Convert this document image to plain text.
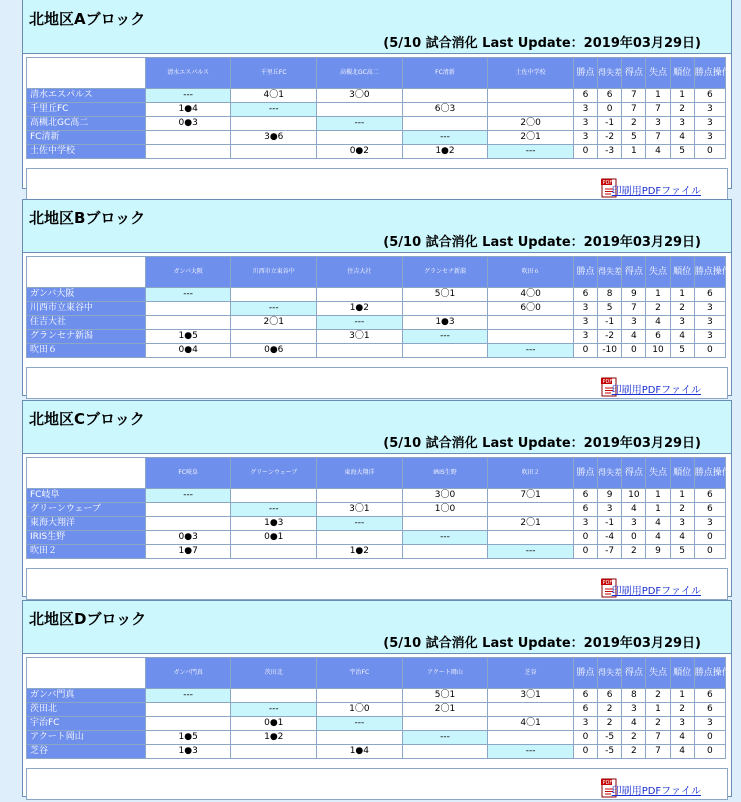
北地区Aブロック
(5/10 試合消化 Last Update：2019年03月29日)
	清水エスパルス	千里丘FC	高槻北GC高二	FC清新	土佐中学校	勝点	得失差	得点	失点	順位	勝点操作
清水エスパルス	---	4〇1	3〇0			6	6	7	1	1	6
千里丘FC	1●4	---		6〇3		3	0	7	7	2	3
高槻北GC高二	0●3		---		2〇0	3	-1	2	3	3	3
FC清新		3●6		---	2〇1	3	-2	5	7	4	3
土佐中学校			0●2	1●2	---	0	-3	1	4	5	0
PDF
印刷用PDFファイル
北地区Bブロック
(5/10 試合消化 Last Update：2019年03月29日)
	ガンバ大阪	川西市立東谷中	住吉大社	グランセナ新潟	吹田６	勝点	得失差	得点	失点	順位	勝点操作
ガンバ大阪	---			5〇1	4〇0	6	8	9	1	1	6
川西市立東谷中		---	1●2		6〇0	3	5	7	2	2	3
住吉大社		2〇1	---	1●3		3	-1	3	4	3	3
グランセナ新潟	1●5		3〇1	---		3	-2	4	6	4	3
吹田６	0●4	0●6			---	0	-10	0	10	5	0
PDF
印刷用PDFファイル
北地区Cブロック
(5/10 試合消化 Last Update：2019年03月29日)
	FC岐阜	グリーンウェーブ	東海大翔洋	IRIS生野	吹田２	勝点	得失差	得点	失点	順位	勝点操作
FC岐阜	---			3〇0	7〇1	6	9	10	1	1	6
グリーンウェーブ		---	3〇1	1〇0		6	3	4	1	2	6
東海大翔洋		1●3	---		2〇1	3	-1	3	4	3	3
IRIS生野	0●3	0●1		---		0	-4	0	4	4	0
吹田２	1●7		1●2		---	0	-7	2	9	5	0
PDF
印刷用PDFファイル
北地区Dブロック
(5/10 試合消化 Last Update：2019年03月29日)
	ガンバ門真	茨田北	宇治FC	アクート岡山	芝谷	勝点	得失差	得点	失点	順位	勝点操作
ガンバ門真	---			5〇1	3〇1	6	6	8	2	1	6
茨田北		---	1〇0	2〇1		6	2	3	1	2	6
宇治FC		0●1	---		4〇1	3	2	4	2	3	3
アクート岡山	1●5	1●2		---		0	-5	2	7	4	0
芝谷	1●3		1●4		---	0	-5	2	7	4	0
PDF
印刷用PDFファイル
